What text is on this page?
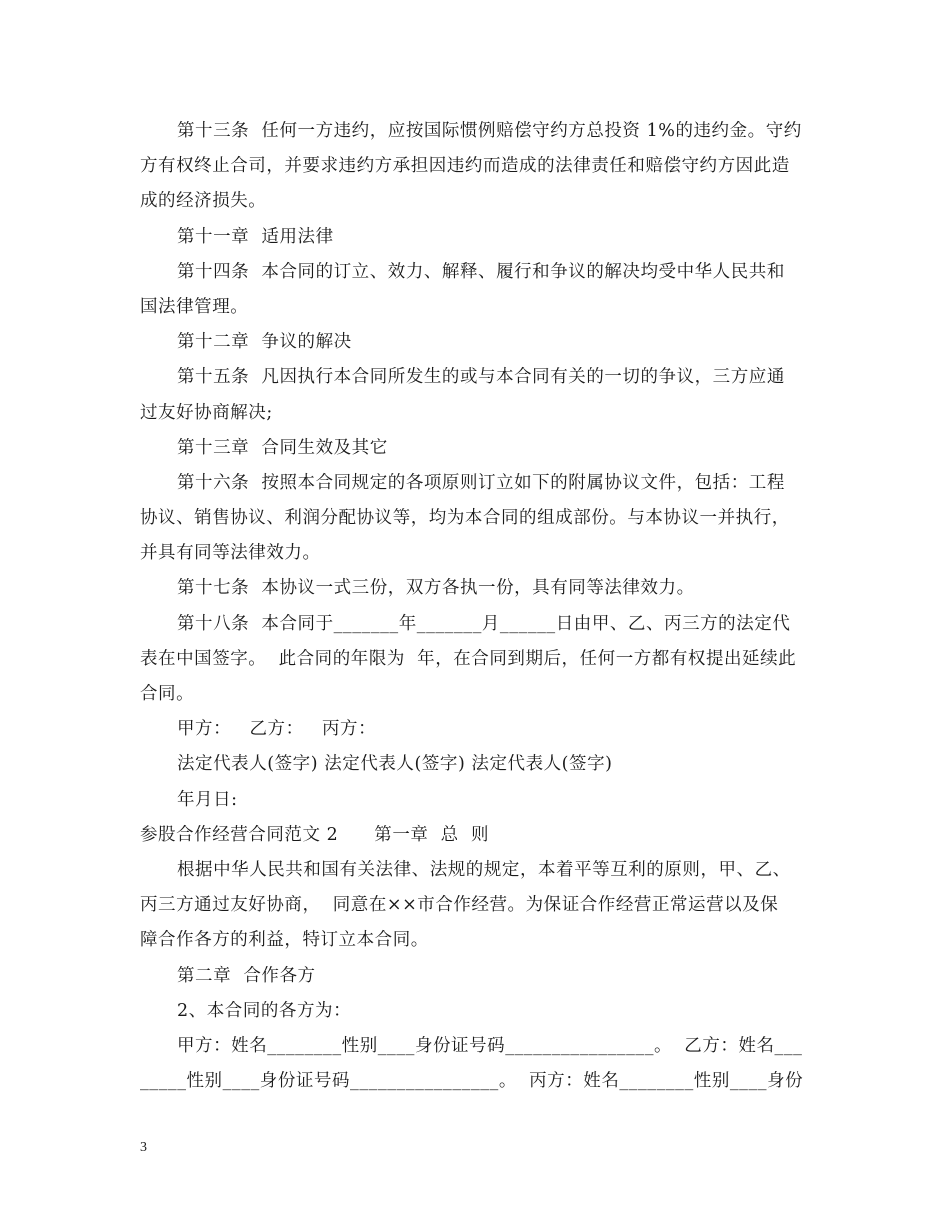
第十三条  任何一方违约，应按国际惯例赔偿守约方总投资 1%的违约金。守约
方有权终止合司，并要求违约方承担因违约而造成的法律责任和赔偿守约方因此造
成的经济损失。
第十一章  适用法律
第十四条  本合同的订立、效力、解释、履行和争议的解决均受中华人民共和
国法律管理。
第十二章  争议的解决
第十五条  凡因执行本合同所发生的或与本合同有关的一切的争议，三方应通
过友好协商解决;
第十三章  合同生效及其它
第十六条  按照本合同规定的各项原则订立如下的附属协议文件，包括：工程
协议、销售协议、利润分配协议等，均为本合同的组成部份。与本协议一并执行，
并具有同等法律效力。
第十七条  本协议一式三份，双方各执一份，具有同等法律效力。
第十八条  本合同于_______年_______月______日由甲、乙、丙三方的法定代
表在中国签字。  此合同的年限为  年，在合同到期后，任何一方都有权提出延续此
合同。
甲方：   乙方：   丙方：
法定代表人(签字) 法定代表人(签字) 法定代表人(签字)
年月日:
参股合作经营合同范文 2 第一章  总  则
根据中华人民共和国有关法律、法规的规定，本着平等互利的原则，甲、乙、
丙三方通过友好协商，  同意在××市合作经营。为保证合作经营正常运营以及保
障合作各方的利益，特订立本合同。
第二章  合作各方
2、本合同的各方为：
甲方：姓名________性别____身份证号码________________。  乙方：姓名___
_____性别____身份证号码________________。  丙方：姓名________性别____身份
3
